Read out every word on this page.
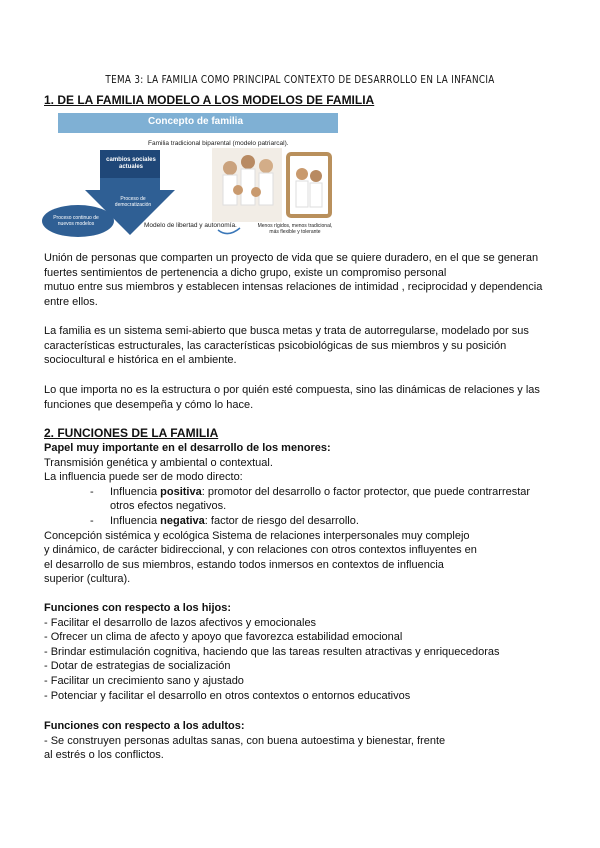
TEMA 3: LA FAMILIA COMO PRINCIPAL CONTEXTO DE DESARROLLO EN LA INFANCIA
1. DE LA FAMILIA MODELO A LOS MODELOS DE FAMILIA
Concepto de familia
Familia tradicional biparental (modelo patriarcal).
cambios sociales actuales
Proceso de democratización
Proceso continuo de nuevos modelos	Modelo de libertad y autonomía.	Menos rígidos, menos tradicional, más flexible y tolerante

Unión de personas que comparten un proyecto de vida que se quiere duradero, en el que se generan

fuertes sentimientos de pertenencia a dicho grupo, existe un compromiso personal

mutuo entre sus miembros y establecen intensas relaciones de intimidad , reciprocidad y dependencia

entre ellos.

La familia es un sistema semi-abierto que busca metas y trata de autorregularse, modelado por sus

características estructurales, las características psicobiológicas de sus miembros y su posición

sociocultural e histórica en el ambiente.

Lo que importa no es la estructura o por quién esté compuesta, sino las dinámicas de relaciones y las

funciones que desempeña y cómo lo hace.

2. FUNCIONES DE LA FAMILIA

Papel muy importante en el desarrollo de los menores:

Transmisión genética y ambiental o contextual.

La influencia puede ser de modo directo:

-	Influencia positiva: promotor del desarrollo o factor protector, que puede contrarrestar
otros efectos negativos.
-	Influencia negativa: factor de riesgo del desarrollo.

Concepción sistémica y ecológica Sistema de relaciones interpersonales muy complejo

y dinámico, de carácter bidireccional, y con relaciones con otros contextos influyentes en

el desarrollo de sus miembros, estando todos inmersos en contextos de influencia

superior (cultura).

Funciones con respecto a los hijos:

- Facilitar el desarrollo de lazos afectivos y emocionales

- Ofrecer un clima de afecto y apoyo que favorezca estabilidad emocional

- Brindar estimulación cognitiva, haciendo que las tareas resulten atractivas y enriquecedoras

- Dotar de estrategias de socialización

- Facilitar un crecimiento sano y ajustado

- Potenciar y facilitar el desarrollo en otros contextos o entornos educativos

Funciones con respecto a los adultos:

- Se construyen personas adultas sanas, con buena autoestima y bienestar, frente

al estrés o los conflictos.
